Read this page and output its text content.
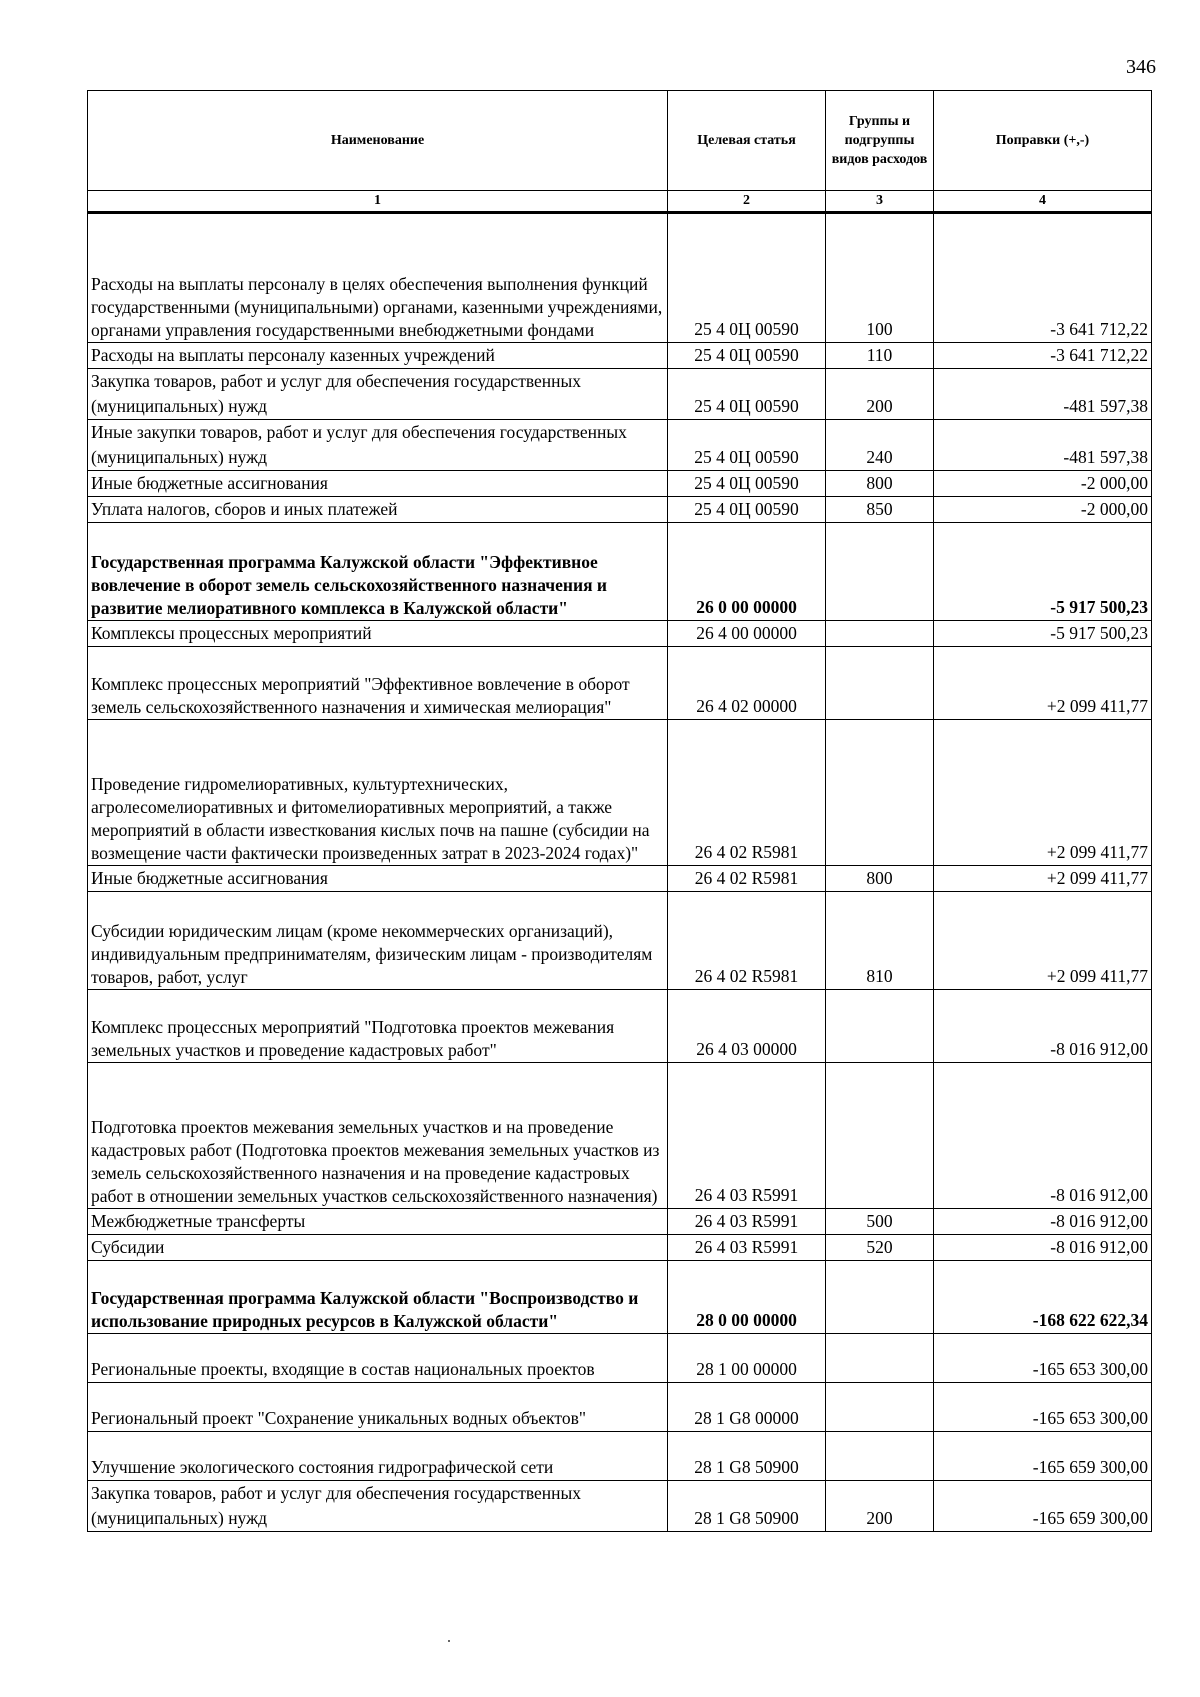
346
Наименование	Целевая статья	Группы и подгруппы видов расходов	Поправки (+,-)
1	2	3	4
Расходы на выплаты персоналу в целях обеспечения выполнения функций государственными (муниципальными) органами, казенными учреждениями, органами управления государственными внебюджетными фондами	25 4 0Ц 00590	100	-3 641 712,22
Расходы на выплаты персоналу казенных учреждений	25 4 0Ц 00590	110	-3 641 712,22
Закупка товаров, работ и услуг для обеспечения государственных (муниципальных) нужд	25 4 0Ц 00590	200	-481 597,38
Иные закупки товаров, работ и услуг для обеспечения государственных (муниципальных) нужд	25 4 0Ц 00590	240	-481 597,38
Иные бюджетные ассигнования	25 4 0Ц 00590	800	-2 000,00
Уплата налогов, сборов и иных платежей	25 4 0Ц 00590	850	-2 000,00
Государственная программа Калужской области "Эффективное вовлечение в оборот земель сельскохозяйственного назначения и развитие мелиоративного комплекса в Калужской области"	26 0 00 00000		-5 917 500,23
Комплексы процессных мероприятий	26 4 00 00000		-5 917 500,23
Комплекс процессных мероприятий "Эффективное вовлечение в оборот земель сельскохозяйственного назначения и химическая мелиорация"	26 4 02 00000		+2 099 411,77
Проведение гидромелиоративных, культуртехнических, агролесомелиоративных и фитомелиоративных мероприятий, а также мероприятий в области известкования кислых почв на пашне (субсидии на возмещение части фактически произведенных затрат в 2023-2024 годах)"	26 4 02 R5981		+2 099 411,77
Иные бюджетные ассигнования	26 4 02 R5981	800	+2 099 411,77
Субсидии юридическим лицам (кроме некоммерческих организаций), индивидуальным предпринимателям, физическим лицам - производителям товаров, работ, услуг	26 4 02 R5981	810	+2 099 411,77
Комплекс процессных мероприятий "Подготовка проектов межевания земельных участков и проведение кадастровых работ"	26 4 03 00000		-8 016 912,00
Подготовка проектов межевания земельных участков и на проведение кадастровых работ (Подготовка проектов межевания земельных участков из земель сельскохозяйственного назначения и на проведение кадастровых работ в отношении земельных участков сельскохозяйственного назначения)	26 4 03 R5991		-8 016 912,00
Межбюджетные трансферты	26 4 03 R5991	500	-8 016 912,00
Субсидии	26 4 03 R5991	520	-8 016 912,00
Государственная программа Калужской области "Воспроизводство и использование природных ресурсов в Калужской области"	28 0 00 00000		-168 622 622,34
Региональные проекты, входящие в состав национальных проектов	28 1 00 00000		-165 653 300,00
Региональный проект "Сохранение уникальных водных объектов"	28 1 G8 00000		-165 653 300,00
Улучшение экологического состояния гидрографической сети	28 1 G8 50900		-165 659 300,00
Закупка товаров, работ и услуг для обеспечения государственных (муниципальных) нужд	28 1 G8 50900	200	-165 659 300,00
